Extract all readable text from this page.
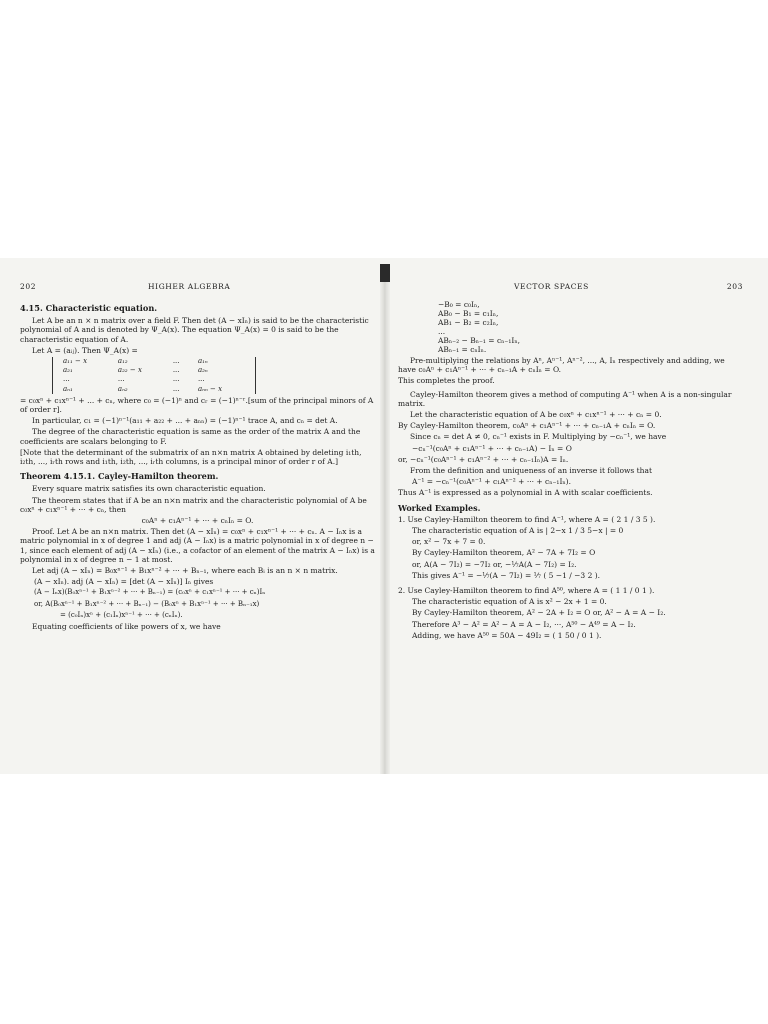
202	HIGHER ALGEBRA
4.15. Characteristic equation.

Let A be an n × n matrix over a field F. Then det (A − xIₙ) is said to be the characteristic polynomial of A and is denoted by Ψ_A(x). The equation Ψ_A(x) = 0 is said to be the characteristic equation of A.

Let A = (aᵢⱼ). Then Ψ_A(x) =

a₁₁ − x	a₁₂	...	a₁ₙ
a₂₁	a₂₂ − x	...	a₂ₙ
...	...	...	...
aₙ₁	aₙ₂	...	aₙₙ − x

= c₀xⁿ + c₁xⁿ⁻¹ + ... + cₙ, where c₀ = (−1)ⁿ and cᵣ = (−1)ⁿ⁻ʳ.[sum of the principal minors of A of order r].

In particular, c₁ = (−1)ⁿ⁻¹(a₁₁ + a₂₂ + ... + aₙₙ) = (−1)ⁿ⁻¹ trace A, and cₙ = det A.

The degree of the characteristic equation is same as the order of the matrix A and the coefficients are scalars belonging to F.

[Note that the determinant of the submatrix of an n×n matrix A obtained by deleting i₁th, i₂th, ..., iᵣth rows and i₁th, i₂th, ..., iᵣth columns, is a principal minor of order r of A.]

Theorem 4.15.1. Cayley-Hamilton theorem.

Every square matrix satisfies its own characteristic equation.

The theorem states that if A be an n×n matrix and the characteristic polynomial of A be c₀xⁿ + c₁xⁿ⁻¹ + ··· + cₙ, then

c₀Aⁿ + c₁Aⁿ⁻¹ + ··· + cₙIₙ = O.

Proof. Let A be an n×n matrix. Then det (A − xIₙ) = c₀xⁿ + c₁xⁿ⁻¹ + ··· + cₙ. A − Iₙx is a matric polynomial in x of degree 1 and adj (A − Iₙx) is a matric polynomial in x of degree n − 1, since each element of adj (A − xIₙ) (i.e., a cofactor of an element of the matrix A − Iₙx) is a polynomial in x of degree n − 1 at most.

Let adj (A − xIₙ) = B₀xⁿ⁻¹ + B₁xⁿ⁻² + ··· + Bₙ₋₁, where each Bᵢ is an n × n matrix.

(A − xIₙ). adj (A − xIₙ) = [det (A − xIₙ)] Iₙ gives

(A − Iₙx)(B₀xⁿ⁻¹ + B₁xⁿ⁻² + ··· + Bₙ₋₁) = (c₀xⁿ + c₁xⁿ⁻¹ + ··· + cₙ)Iₙ

or, A(B₀xⁿ⁻¹ + B₁xⁿ⁻² + ··· + Bₙ₋₁) − (B₀xⁿ + B₁xⁿ⁻¹ + ··· + Bₙ₋₁x)

= (c₀Iₙ)xⁿ + (c₁Iₙ)xⁿ⁻¹ + ··· + (cₙIₙ).

Equating coefficients of like powers of x, we have

VECTOR SPACES	203
−B₀ = c₀Iₙ,
AB₀ − B₁ = c₁Iₙ,
AB₁ − B₂ = c₂Iₙ,
...
ABₙ₋₂ − Bₙ₋₁ = cₙ₋₁Iₙ,
ABₙ₋₁ = cₙIₙ.

Pre-multiplying the relations by Aⁿ, Aⁿ⁻¹, Aⁿ⁻², ..., A, Iₙ respectively and adding, we have c₀Aⁿ + c₁Aⁿ⁻¹ + ··· + cₙ₋₁A + cₙIₙ = O.

This completes the proof.

Cayley-Hamilton theorem gives a method of computing A⁻¹ when A is a non-singular matrix.

Let the characteristic equation of A be c₀xⁿ + c₁xⁿ⁻¹ + ··· + cₙ = 0.

By Cayley-Hamilton theorem, c₀Aⁿ + c₁Aⁿ⁻¹ + ··· + cₙ₋₁A + cₙIₙ = O.

Since cₙ = det A ≠ 0, cₙ⁻¹ exists in F. Multiplying by −cₙ⁻¹, we have

−cₙ⁻¹(c₀Aⁿ + c₁Aⁿ⁻¹ + ··· + cₙ₋₁A) − Iₙ = O

or, −cₙ⁻¹(c₀Aⁿ⁻¹ + c₁Aⁿ⁻² + ··· + cₙ₋₁Iₙ)A = Iₙ.

From the definition and uniqueness of an inverse it follows that

A⁻¹ = −cₙ⁻¹(c₀Aⁿ⁻¹ + c₁Aⁿ⁻² + ··· + cₙ₋₁Iₙ).

Thus A⁻¹ is expressed as a polynomial in A with scalar coefficients.

Worked Examples.

1. Use Cayley-Hamilton theorem to find A⁻¹, where A = ( 2 1 / 3 5 ).

The characteristic equation of A is | 2−x 1 / 3 5−x | = 0

or, x² − 7x + 7 = 0.

By Cayley-Hamilton theorem, A² − 7A + 7I₂ = O

or, A(A − 7I₂) = −7I₂ or, −¹⁄₇A(A − 7I₂) = I₂.

This gives A⁻¹ = −¹⁄₇(A − 7I₂) = ¹⁄₇ ( 5 −1 / −3 2 ).

2. Use Cayley-Hamilton theorem to find A⁵⁰, where A = ( 1 1 / 0 1 ).

The characteristic equation of A is x² − 2x + 1 = 0.

By Cayley-Hamilton theorem, A² − 2A + I₂ = O or, A² − A = A − I₂.

Therefore A³ − A² = A² − A = A − I₂, ···, A⁵⁰ − A⁴⁹ = A − I₂.

Adding, we have A⁵⁰ = 50A − 49I₂ = ( 1 50 / 0 1 ).
